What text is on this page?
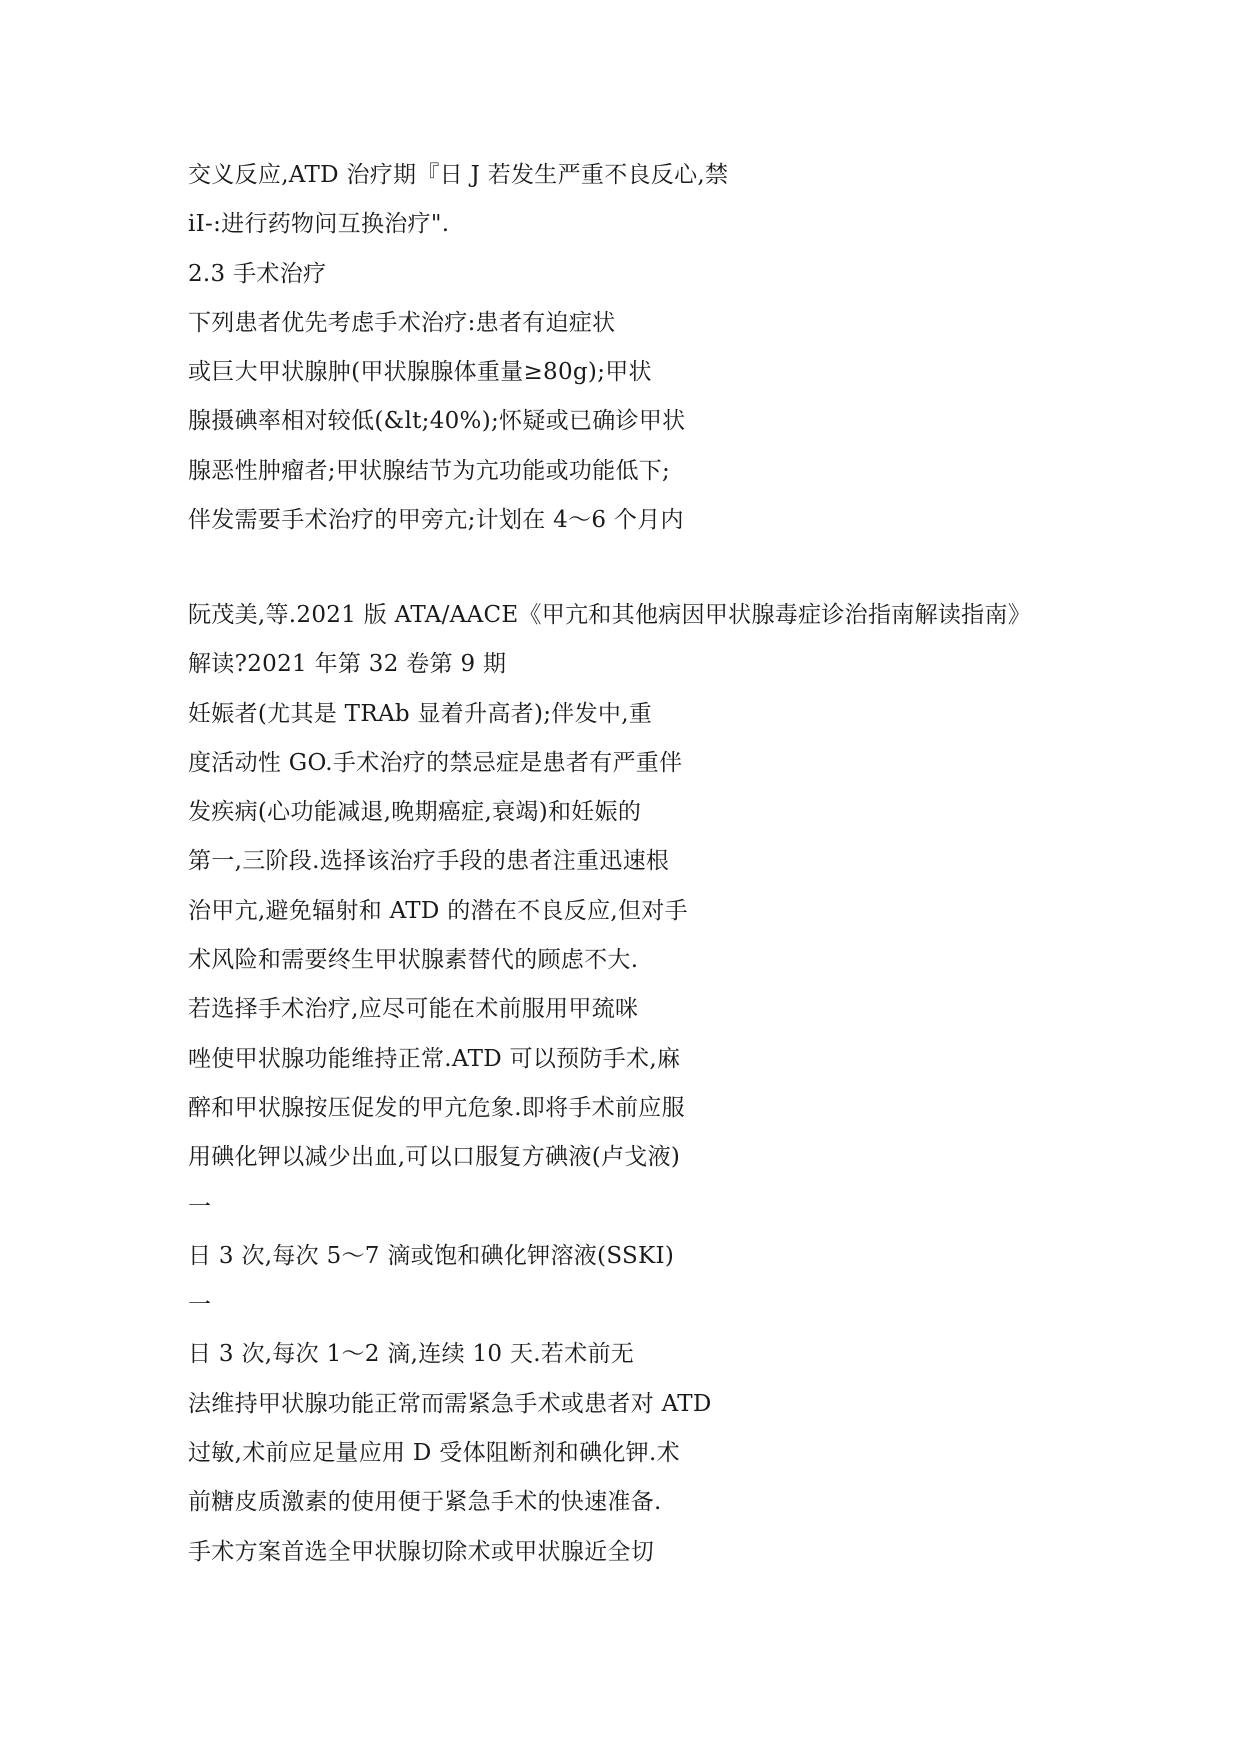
交义反应,ATD 治疗期『日 J 若发生严重不良反心,禁
iI-:进行药物问互换治疗".
2.3 手术治疗
下列患者优先考虑手术治疗:患者有迫症状
或巨大甲状腺肿(甲状腺腺体重量≥80g);甲状
腺摄碘率相对较低(&lt;40%);怀疑或已确诊甲状
腺恶性肿瘤者;甲状腺结节为亢功能或功能低下;
伴发需要手术治疗的甲旁亢;计划在 4～6 个月内
阮茂美,等.2021 版 ATA/AACE《甲亢和其他病因甲状腺毒症诊治指南解读指南》
解读?2021 年第 32 卷第 9 期
妊娠者(尤其是 TRAb 显着升高者);伴发中,重
度活动性 GO.手术治疗的禁忌症是患者有严重伴
发疾病(心功能减退,晚期癌症,衰竭)和妊娠的
第一,三阶段.选择该治疗手段的患者注重迅速根
治甲亢,避免辐射和 ATD 的潜在不良反应,但对手
术风险和需要终生甲状腺素替代的顾虑不大.
若选择手术治疗,应尽可能在术前服用甲巯咪
唑使甲状腺功能维持正常.ATD 可以预防手术,麻
醉和甲状腺按压促发的甲亢危象.即将手术前应服
用碘化钾以减少出血,可以口服复方碘液(卢戈液)
一
日 3 次,每次 5～7 滴或饱和碘化钾溶液(SSKI)
一
日 3 次,每次 1～2 滴,连续 10 天.若术前无
法维持甲状腺功能正常而需紧急手术或患者对 ATD
过敏,术前应足量应用 D 受体阻断剂和碘化钾.术
前糖皮质激素的使用便于紧急手术的快速准备.
手术方案首选全甲状腺切除术或甲状腺近全切
